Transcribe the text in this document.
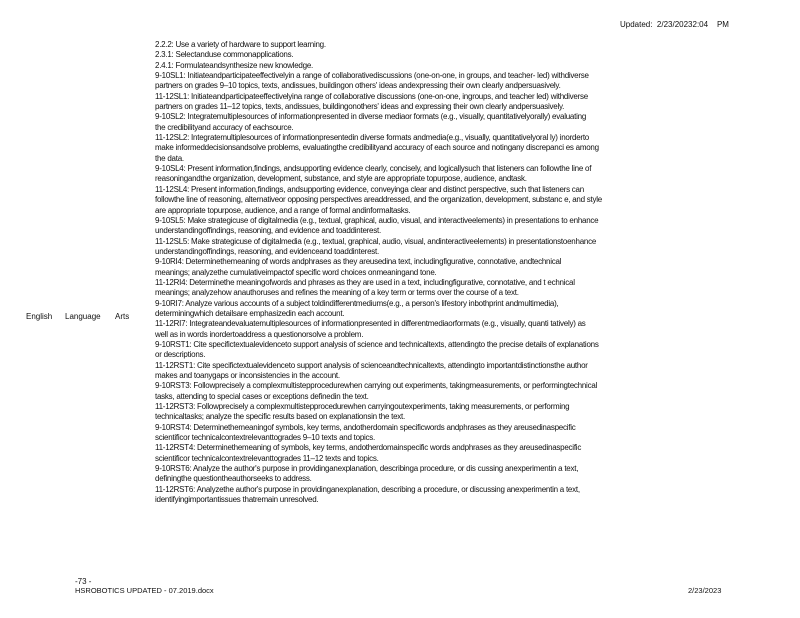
Updated:  2/23/20232:04    PM
English Language Arts
2.2.2: Use a variety of hardware to support learning.
2.3.1: Selectanduse commonapplications.
2.4.1: Formulateandsynthesize new knowledge.
9-10SL1: Initiateandparticipateeffectivelyin a range of collaborativediscussions (one-on-one, in groups, and teacher- led) withdiverse
partners on grades 9–10 topics, texts, andissues, buildingon others' ideas andexpressing their own clearly andpersuasively.
11-12SL1: Initiateandparticipateeffectivelyina range of collaborative discussions (one-on-one, ingroups, and teacher led) withdiverse
partners on grades 11–12 topics, texts, andissues, buildingonothers' ideas and expressing their own clearly andpersuasively.
9-10SL2: Integratemultiplesources of informationpresented in diverse mediaor formats (e.g., visually, quantitativelyorally) evaluating
the credibilityand accuracy of eachsource.
11-12SL2: Integratemultiplesources of informationpresentedin diverse formats andmedia(e.g., visually, quantitativelyoral ly) inorderto
make informeddecisionsandsolve problems, evaluatingthe credibilityand accuracy of each source and notingany discrepanci es among
the data.
9-10SL4: Present information,findings, andsupporting evidence clearly, concisely, and logicallysuch that listeners can followthe line of
reasoningandthe organization, development, substance, and style are appropriate topurpose, audience, andtask.
11-12SL4: Present information,findings, andsupporting evidence, conveyinga clear and distinct perspective, such that listeners can
followthe line of reasoning, alternativeor opposing perspectives areaddressed, and the organization, development, substanc e, and style
are appropriate topurpose, audience, and a range of formal andinformaltasks.
9-10SL5: Make strategicuse of digitalmedia (e.g., textual, graphical, audio, visual, and interactiveelements) in presentations to enhance
understandingoffindings, reasoning, and evidence and toaddinterest.
11-12SL5: Make strategicuse of digitalmedia (e.g., textual, graphical, audio, visual, andinteractiveelements) in presentationstoenhance
understandingoffindings, reasoning, and evidenceand toaddinterest.
9-10RI4: Determinethemeaning of words andphrases as they areusedina text, includingfigurative, connotative, andtechnical
meanings; analyzethe cumulativeimpactof specific word choices onmeaningand tone.
11-12RI4: Determinethe meaningofwords and phrases as they are used in a text, includingfigurative, connotative, and t echnical
meanings; analyzehow anauthoruses and refines the meaning of a key term or terms over the course of a text.
9-10RI7: Analyze various accounts of a subject toldindifferentmediums(e.g., a person's lifestory inbothprint andmultimedia),
determiningwhich detailsare emphasizedin each account.
11-12RI7: Integrateandevaluatemultiplesources of informationpresented in differentmediaorformats (e.g., visually, quanti tatively) as
well as in words inordertoaddress a questionorsolve a problem.
9-10RST1: Cite specifictextualevidenceto support analysis of science and technicaltexts, attendingto the precise details of explanations
or descriptions.
11-12RST1: Cite specifictextualevidenceto support analysis of scienceandtechnicaltexts, attendingto importantdistinctionsthe author
makes and toanygaps or inconsistencies in the account.
9-10RST3: Followprecisely a complexmultistepprocedurewhen carrying out experiments, takingmeasurements, or performingtechnical
tasks, attending to special cases or exceptions definedin the text.
11-12RST3: Followprecisely a complexmultistepprocedurewhen carryingoutexperiments, taking measurements, or performing
technicaltasks; analyze the specific results based on explanationsin the text.
9-10RST4: Determinethemeaningof symbols, key terms, andotherdomain specificwords andphrases as they areusedinaspecific
scientificor technicalcontextrelevanttogrades 9–10 texts and topics.
11-12RST4: Determinethemeaning of symbols, key terms, andotherdomainspecific words andphrases as they areusedinaspecific
scientificor technicalcontextrelevanttogrades 11–12 texts and topics.
9-10RST6: Analyze the author's purpose in providinganexplanation, describinga procedure, or dis cussing anexperimentin a text,
definingthe questiontheauthorseeks to address.
11-12RST6: Analyzethe author's purpose in providinganexplanation, describing a procedure, or discussing anexperimentin a text,
identifyingimportantissues thatremain unresolved.
-73 -
HSROBOTICS UPDATED - 07.2019.docx	2/23/2023
